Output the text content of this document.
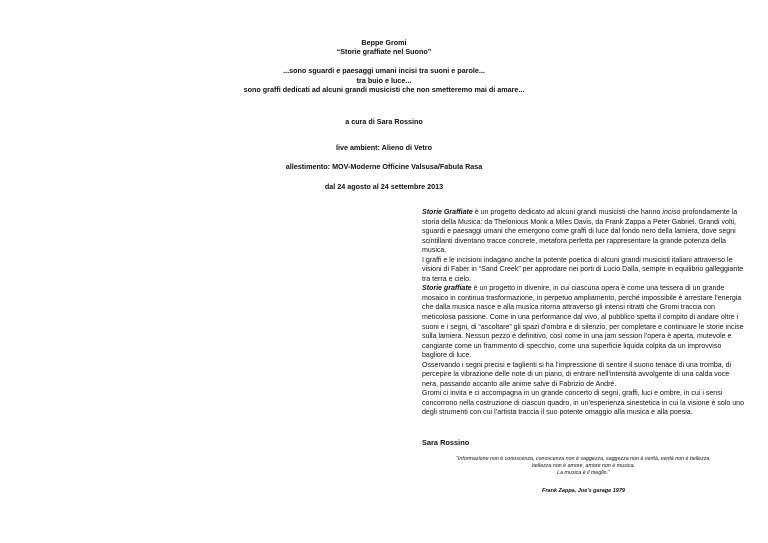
Beppe Gromi
“Storie graffiate nel Suono”
...sono sguardi e paesaggi umani incisi tra suoni e parole...
tra buio e luce...
sono graffi dedicati ad alcuni grandi musicisti che non smetteremo mai di amare...
a cura di Sara Rossino
live ambient: Alieno di Vetro
allestimento: MOV-Moderne Officine Valsusa/Fabula Rasa
dal 24 agosto al 24 settembre 2013

Storie Graffiate è un progetto dedicato ad alcuni grandi musicisti che hanno inciso profondamente la storia della Musica: da Thelonious Monk a Miles Davis, da Frank Zappa a Peter Gabriel. Grandi volti, sguardi e paesaggi umani che emergono come graffi di luce dal fondo nero della lamiera, dove segni scintillanti diventano tracce concrete, metafora perfetta per rappresentare la grande potenza della musica.

I graffi e le incisioni indagano anche la potente poetica di alcuni grandi musicisti italiani attraverso le visioni di Faber in “Sand Creek” per approdare nei porti di Lucio Dalla, sempre in equilibrio galleggiante tra terra e cielo.

Storie graffiate è un progetto in divenire, in cui ciascuna opera è come una tessera di un grande mosaico in continua trasformazione, in perpetuo ampliamento, perché impossibile è arrestare l’energia che dalla musica nasce e alla musica ritorna attraverso gli intensi ritratti che Gromi traccia con meticolosa passione. Come in una performance dal vivo, al pubblico spetta il compito di andare oltre i suoni e i segni, di “ascoltare” gli spazi d’ombra e di silenzio, per completare e continuare le storie incise sulla lamiera. Nessun pezzo è definitivo, così come in una jam session l’opera è aperta, mutevole e cangiante come un frammento di specchio, come una superficie liquida colpita da un improvviso bagliore di luce.

Osservando i segni precisi e taglienti si ha l’impressione di sentire il suono tenace di una tromba, di percepire la vibrazione delle note di un piano, di entrare nell’intensità avvolgente di una calda voce nera, passando accanto alle anime salve di Fabrizio de André.

Gromi ci invita e ci accompagna in un grande concerto di segni, graffi, luci e ombre, in cui i sensi concorrono nella costruzione di ciascun quadro, in un’esperienza sinestetica in cui la visione è solo uno degli strumenti con cui l’artista traccia il suo potente omaggio alla musica e alla poesia.

Sara Rossino
“Informazione non è conoscenza, conoscenza non è saggezza, saggezza non è verità, verità non è bellezza,
bellezza non è amore, amore non è musica.
La musica è il meglio.”
Frank Zappa, Joe's garage 1979
